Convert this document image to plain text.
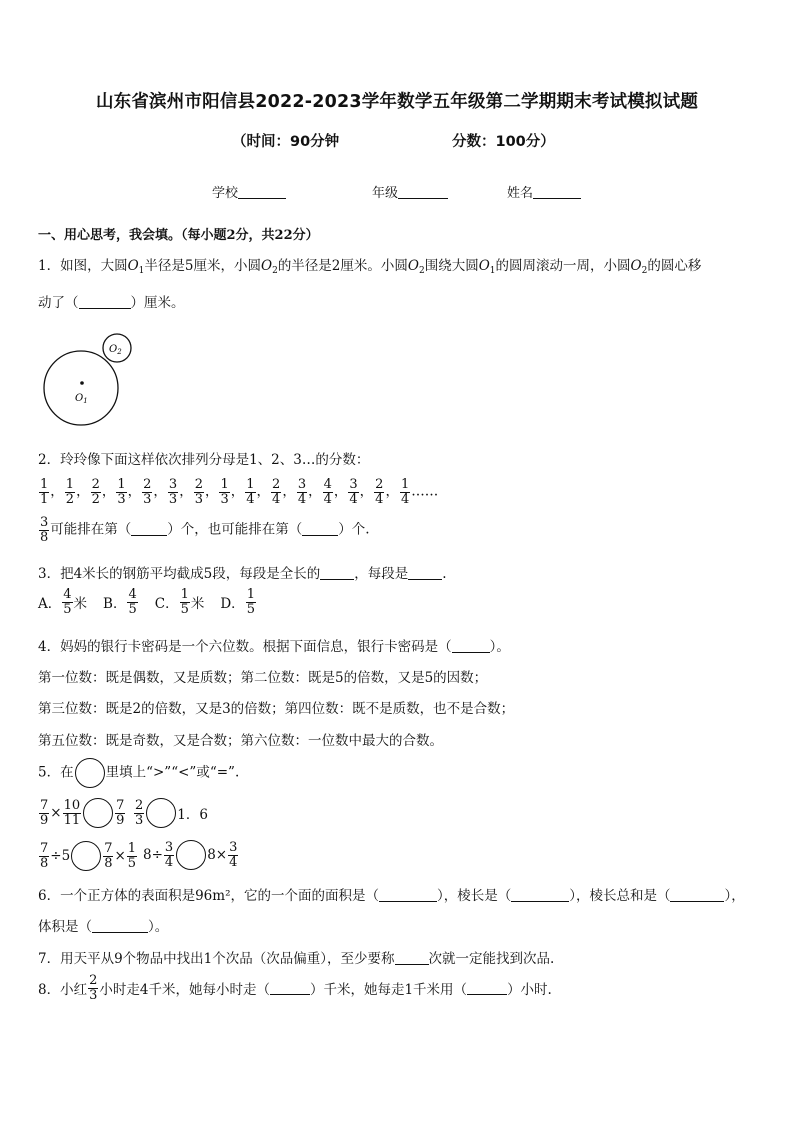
山东省滨州市阳信县2022-2023学年数学五年级第二学期期末考试模拟试题
（时间：90分钟	分数：100分）
学校	年级	姓名
一、用心思考，我会填。（每小题2分，共22分）
1．如图，大圆$O_1$半径是5厘米，小圆$O_2$的半径是2厘米。小圆$O_2$围绕大圆$O_1$的圆周滚动一周，小圆$O_2$的圆心移
动了（	）厘米。
$O_1$
$O_2$
2．玲玲像下面这样依次排列分母是1、2、3…的分数：
$\frac{1}{1}$ ， $\frac{1}{2}$ ， $\frac{2}{2}$ ， $\frac{1}{3}$ ， $\frac{2}{3}$ ， $\frac{3}{3}$ ， $\frac{2}{3}$ ， $\frac{1}{3}$ ， $\frac{1}{4}$ ， $\frac{2}{4}$ ， $\frac{3}{4}$ ， $\frac{4}{4}$ ， $\frac{3}{4}$ ， $\frac{2}{4}$ ， $\frac{1}{4}$ ……
$\frac{3}{8}$ 可能排在第（	）个，也可能排在第（	）个.
3．把4米长的钢筋平均截成5段，每段是全长的	，每段是	.
A． $\frac{4}{5}$ 米 B． $\frac{4}{5}$ C． $\frac{1}{5}$ 米 D． $\frac{1}{5}$
4．妈妈的银行卡密码是一个六位数。根据下面信息，银行卡密码是（	）。
第一位数：既是偶数，又是质数；第二位数：既是5的倍数，又是5的因数；
第三位数：既是2的倍数，又是3的倍数；第四位数：既不是质数，也不是合数；
第五位数：既是奇数，又是合数；第六位数：一位数中最大的合数。
5．在 里填上“>”“<”或“=”.
$\frac{7}{9} \times \frac{10}{11}$	$\frac{7}{9} \frac{2}{3} 1$．6
$\frac{7}{8} \div 5$	$\frac{7}{8} \times \frac{1}{5} 8\div \frac{3}{4} 8\times \frac{3}{4}$
6．一个正方体的表面积是96m²，它的一个面的面积是（	），棱长是（	），棱长总和是（	），
体积是（	）。
7．用天平从9个物品中找出1个次品（次品偏重），至少要称	次就一定能找到次品.
8．小红 $\frac{2}{3}$ 小时走4千米，她每小时走（	）千米，她每走1千米用（	）小时.
